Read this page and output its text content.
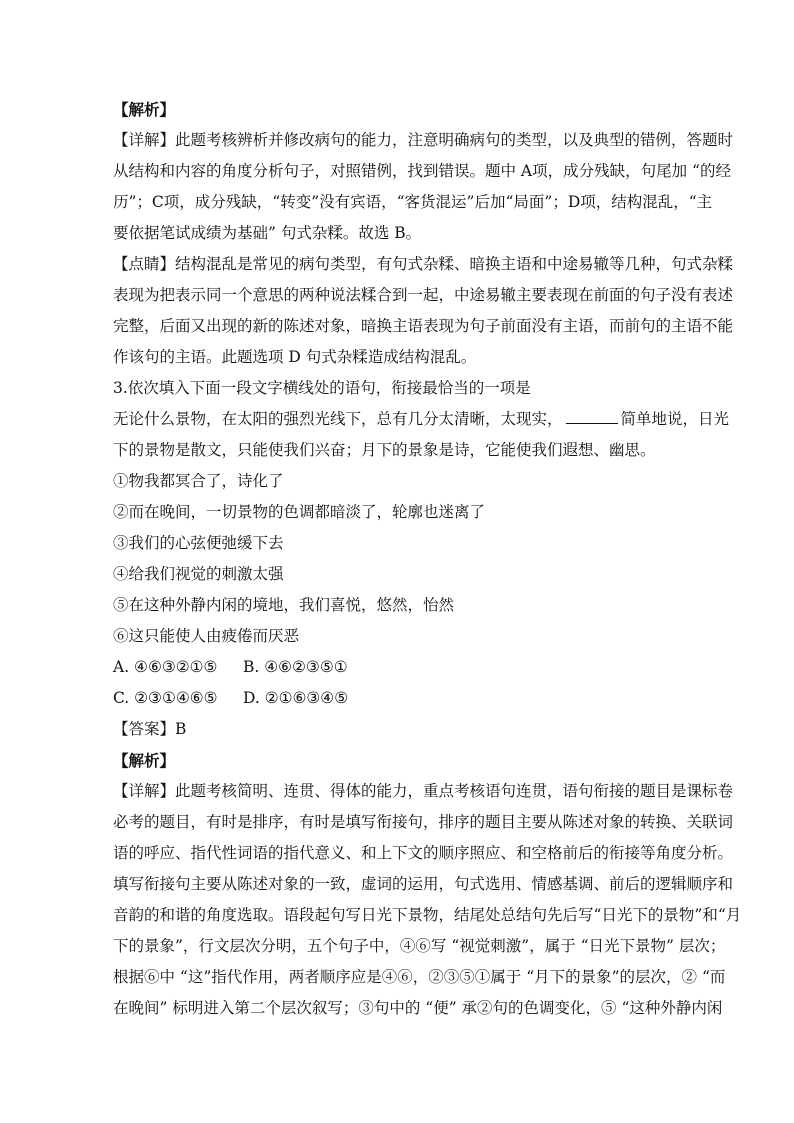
【解析】
【详解】此题考核辨析并修改病句的能力，注意明确病句的类型，以及典型的错例，答题时
从结构和内容的角度分析句子，对照错例，找到错误。题中 A项，成分残缺，句尾加 “的经
历”；C项，成分残缺，“转变”没有宾语，“客货混运”后加“局面”；D项，结构混乱，“主
要依据笔试成绩为基础” 句式杂糅。故选 B。
【点睛】结构混乱是常见的病句类型，有句式杂糅、暗换主语和中途易辙等几种，句式杂糅
表现为把表示同一个意思的两种说法糅合到一起，中途易辙主要表现在前面的句子没有表述
完整，后面又出现的新的陈述对象，暗换主语表现为句子前面没有主语，而前句的主语不能
作该句的主语。此题选项 D 句式杂糅造成结构混乱。
3.依次填入下面一段文字横线处的语句，衔接最恰当的一项是
无论什么景物，在太阳的强烈光线下，总有几分太清晰，太现实，	简单地说，日光
下的景物是散文，只能使我们兴奋；月下的景象是诗，它能使我们遐想、幽思。
①物我都冥合了，诗化了
②而在晚间，一切景物的色调都暗淡了，轮廓也迷离了
③我们的心弦便弛缓下去
④给我们视觉的刺激太强
⑤在这种外静内闲的境地，我们喜悦，悠然，怡然
⑥这只能使人由疲倦而厌恶
A. ④⑥③②①⑤ B. ④⑥②③⑤①
C. ②③①④⑥⑤ D. ②①⑥③④⑤
【答案】B
【解析】
【详解】此题考核简明、连贯、得体的能力，重点考核语句连贯，语句衔接的题目是课标卷
必考的题目，有时是排序，有时是填写衔接句，排序的题目主要从陈述对象的转换、关联词
语的呼应、指代性词语的指代意义、和上下文的顺序照应、和空格前后的衔接等角度分析。
填写衔接句主要从陈述对象的一致，虚词的运用，句式选用、情感基调、前后的逻辑顺序和
音韵的和谐的角度选取。语段起句写日光下景物，结尾处总结句先后写“日光下的景物”和“月
下的景象”，行文层次分明，五个句子中，④⑥写 “视觉刺激”，属于 “日光下景物” 层次；
根据⑥中 “这”指代作用，两者顺序应是④⑥，②③⑤①属于 “月下的景象”的层次，② “而
在晚间” 标明进入第二个层次叙写；③句中的 “便” 承②句的色调变化，⑤ “这种外静内闲
